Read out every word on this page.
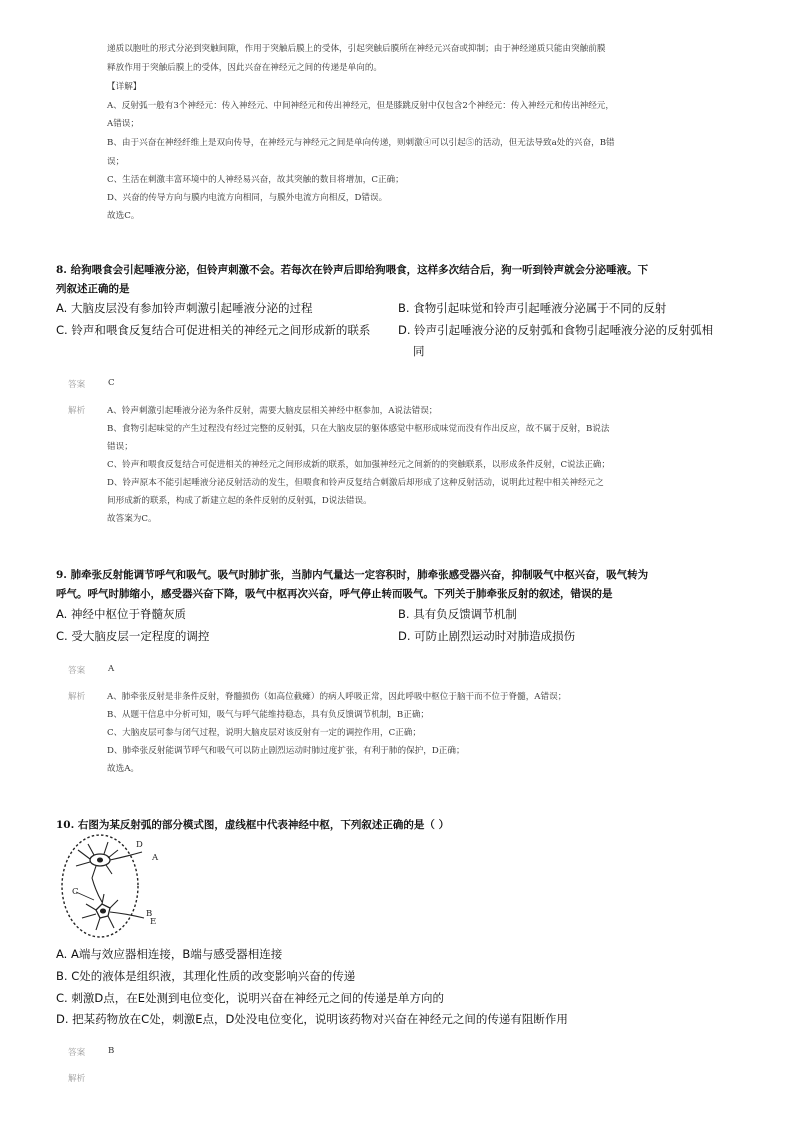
递质以胞吐的形式分泌到突触间隙，作用于突触后膜上的受体，引起突触后膜所在神经元兴奋或抑制；由于神经递质只能由突触前膜
释放作用于突触后膜上的受体，因此兴奋在神经元之间的传递是单向的。
【详解】
A、反射弧一般有3个神经元：传入神经元、中间神经元和传出神经元，但是膝跳反射中仅包含2个神经元：传入神经元和传出神经元，
A错误；
B、由于兴奋在神经纤维上是双向传导，在神经元与神经元之间是单向传递，则刺激④可以引起⑤的活动，但无法导致a处的兴奋，B错
误；
C、生活在刺激丰富环境中的人神经易兴奋，故其突触的数目将增加，C正确；
D、兴奋的传导方向与膜内电流方向相同，与膜外电流方向相反，D错误。
故选C。
8. 给狗喂食会引起唾液分泌，但铃声刺激不会。若每次在铃声后即给狗喂食，这样多次结合后，狗一听到铃声就会分泌唾液。下
列叙述正确的是
A. 大脑皮层没有参加铃声刺激引起唾液分泌的过程	B. 食物引起味觉和铃声引起唾液分泌属于不同的反射
C. 铃声和喂食反复结合可促进相关的神经元之间形成新的联系 D. 铃声引起唾液分泌的反射弧和食物引起唾液分泌的反射弧相
同
答案	C
解析	A、铃声刺激引起唾液分泌为条件反射，需要大脑皮层相关神经中枢参加，A说法错误；
B、食物引起味觉的产生过程没有经过完整的反射弧，只在大脑皮层的躯体感觉中枢形成味觉而没有作出反应，故不属于反射，B说法
错误；
C、铃声和喂食反复结合可促进相关的神经元之间形成新的联系，如加强神经元之间新的的突触联系，以形成条件反射，C说法正确；
D、铃声原本不能引起唾液分泌反射活动的发生，但喂食和铃声反复结合刺激后却形成了这种反射活动，说明此过程中相关神经元之
间形成新的联系，构成了新建立起的条件反射的反射弧，D说法错误。
故答案为C。
9. 肺牵张反射能调节呼气和吸气。吸气时肺扩张，当肺内气量达一定容积时，肺牵张感受器兴奋，抑制吸气中枢兴奋，吸气转为
呼气。呼气时肺缩小，感受器兴奋下降，吸气中枢再次兴奋，呼气停止转而吸气。下列关于肺牵张反射的叙述，错误的是
A. 神经中枢位于脊髓灰质	B. 具有负反馈调节机制
C. 受大脑皮层一定程度的调控	D. 可防止剧烈运动时对肺造成损伤
答案	A
解析	A、肺牵张反射是非条件反射，脊髓损伤（如高位截瘫）的病人呼吸正常，因此呼吸中枢位于脑干而不位于脊髓，A错误；
B、从题干信息中分析可知，吸气与呼气能维持稳态，具有负反馈调节机制，B正确；
C、大脑皮层可参与闭气过程，说明大脑皮层对该反射有一定的调控作用，C正确；
D、肺牵张反射能调节呼气和吸气可以防止剧烈运动时肺过度扩张，有利于肺的保护，D正确；
故选A。
10. 右图为某反射弧的部分模式图，虚线框中代表神经中枢，下列叙述正确的是（ ）
D
A
C
E
B
A. A端与效应器相连接，B端与感受器相连接
B. C处的液体是组织液，其理化性质的改变影响兴奋的传递
C. 刺激D点，在E处测到电位变化，说明兴奋在神经元之间的传递是单方向的
D. 把某药物放在C处，刺激E点，D处没电位变化，说明该药物对兴奋在神经元之间的传递有阻断作用
答案	B
解析
